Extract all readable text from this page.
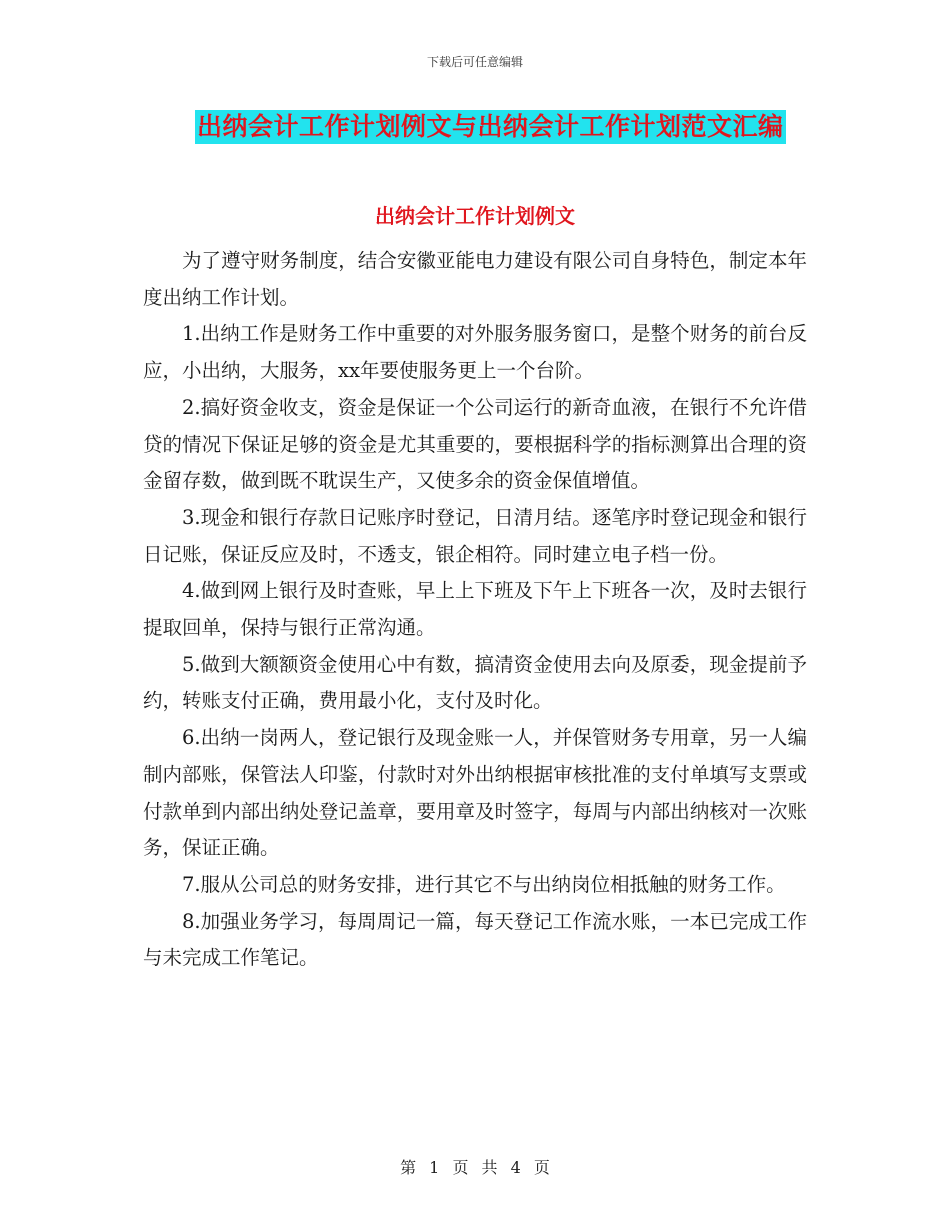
下载后可任意编辑
出纳会计工作计划例文与出纳会计工作计划范文汇编
出纳会计工作计划例文

为了遵守财务制度，结合安徽亚能电力建设有限公司自身特色，制定本年度出纳工作计划。

1.出纳工作是财务工作中重要的对外服务服务窗口，是整个财务的前台反应，小出纳，大服务，xx年要使服务更上一个台阶。

2.搞好资金收支，资金是保证一个公司运行的新奇血液，在银行不允许借贷的情况下保证足够的资金是尤其重要的，要根据科学的指标测算出合理的资金留存数，做到既不耽误生产，又使多余的资金保值增值。

3.现金和银行存款日记账序时登记，日清月结。逐笔序时登记现金和银行日记账，保证反应及时，不透支，银企相符。同时建立电子档一份。

4.做到网上银行及时查账，早上上下班及下午上下班各一次，及时去银行提取回单，保持与银行正常沟通。

5.做到大额额资金使用心中有数，搞清资金使用去向及原委，现金提前予约，转账支付正确，费用最小化，支付及时化。

6.出纳一岗两人，登记银行及现金账一人，并保管财务专用章，另一人编制内部账，保管法人印鉴，付款时对外出纳根据审核批准的支付单填写支票或付款单到内部出纳处登记盖章，要用章及时签字，每周与内部出纳核对一次账务，保证正确。

7.服从公司总的财务安排，进行其它不与出纳岗位相抵触的财务工作。

8.加强业务学习，每周周记一篇，每天登记工作流水账，一本已完成工作与未完成工作笔记。

第 1 页 共 4 页
